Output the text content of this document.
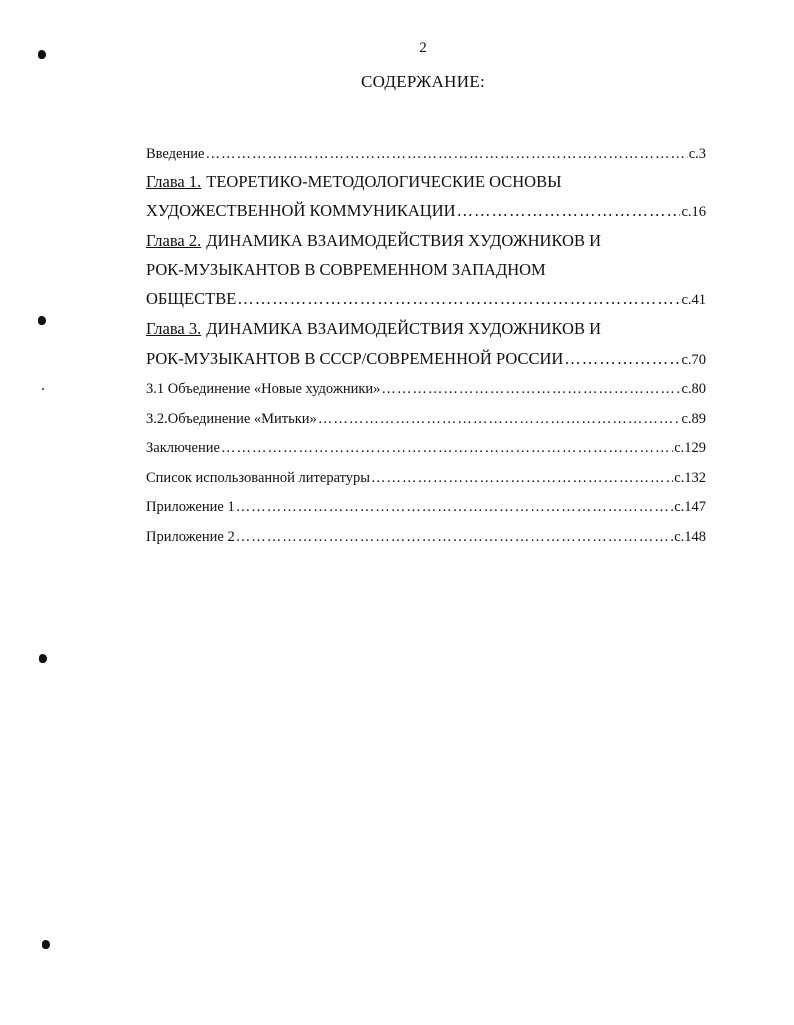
2
СОДЕРЖАНИЕ:
Введение ……………………………………………………………………………………………………………………………………	с.3
Глава 1. ТЕОРЕТИКО-МЕТОДОЛОГИЧЕСКИЕ ОСНОВЫ
ХУДОЖЕСТВЕННОЙ КОММУНИКАЦИИ ……………………………………………………………………………………………………………………………………	с.16
Глава 2. ДИНАМИКА ВЗАИМОДЕЙСТВИЯ ХУДОЖНИКОВ И
РОК-МУЗЫКАНТОВ В СОВРЕМЕННОМ ЗАПАДНОМ
ОБЩЕСТВЕ ……………………………………………………………………………………………………………………………………	с.41
Глава 3. ДИНАМИКА ВЗАИМОДЕЙСТВИЯ ХУДОЖНИКОВ И
РОК-МУЗЫКАНТОВ В СССР/СОВРЕМЕННОЙ РОССИИ ……………………………………………………………………………………………………………………………………	с.70
3.1 Объединение «Новые художники» ……………………………………………………………………………………………………………………………………	с.80
3.2.Объединение «Митьки» ……………………………………………………………………………………………………………………………………	с.89
Заключение ……………………………………………………………………………………………………………………………………	с.129
Список использованной литературы ……………………………………………………………………………………………………………………………………	с.132
Приложение 1 ……………………………………………………………………………………………………………………………………	с.147
Приложение 2 ……………………………………………………………………………………………………………………………………	с.148
